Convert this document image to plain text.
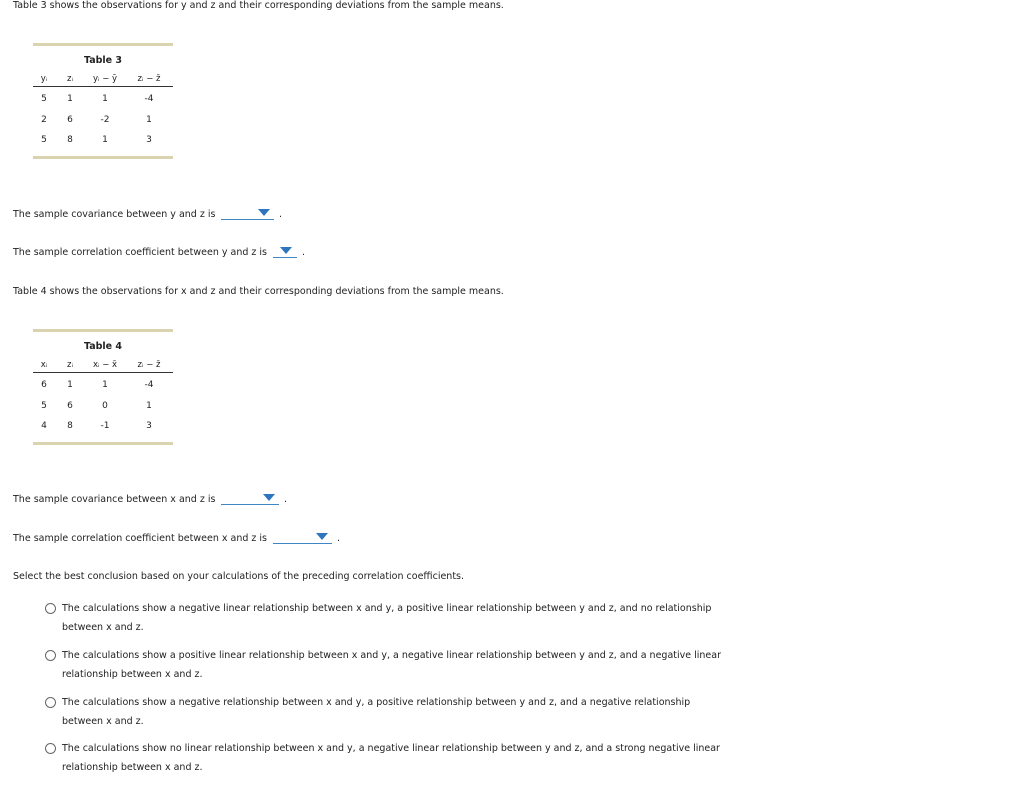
Table 3 shows the observations for y and z and their corresponding deviations from the sample means.
Table 3
yᵢ	zᵢ	yᵢ − ȳ	zᵢ − z̄
5	1	1	-4
2	6	-2	1
5	8	1	3
The sample covariance between y and z is	.
The sample correlation coefficient between y and z is	.
Table 4 shows the observations for x and z and their corresponding deviations from the sample means.
Table 4
xᵢ	zᵢ	xᵢ − x̄	zᵢ − z̄
6	1	1	-4
5	6	0	1
4	8	-1	3
The sample covariance between x and z is	.
The sample correlation coefficient between x and z is	.
Select the best conclusion based on your calculations of the preceding correlation coefficients.
The calculations show a negative linear relationship between x and y, a positive linear relationship between y and z, and no relationship
between x and z.
The calculations show a positive linear relationship between x and y, a negative linear relationship between y and z, and a negative linear
relationship between x and z.
The calculations show a negative relationship between x and y, a positive relationship between y and z, and a negative relationship
between x and z.
The calculations show no linear relationship between x and y, a negative linear relationship between y and z, and a strong negative linear
relationship between x and z.
